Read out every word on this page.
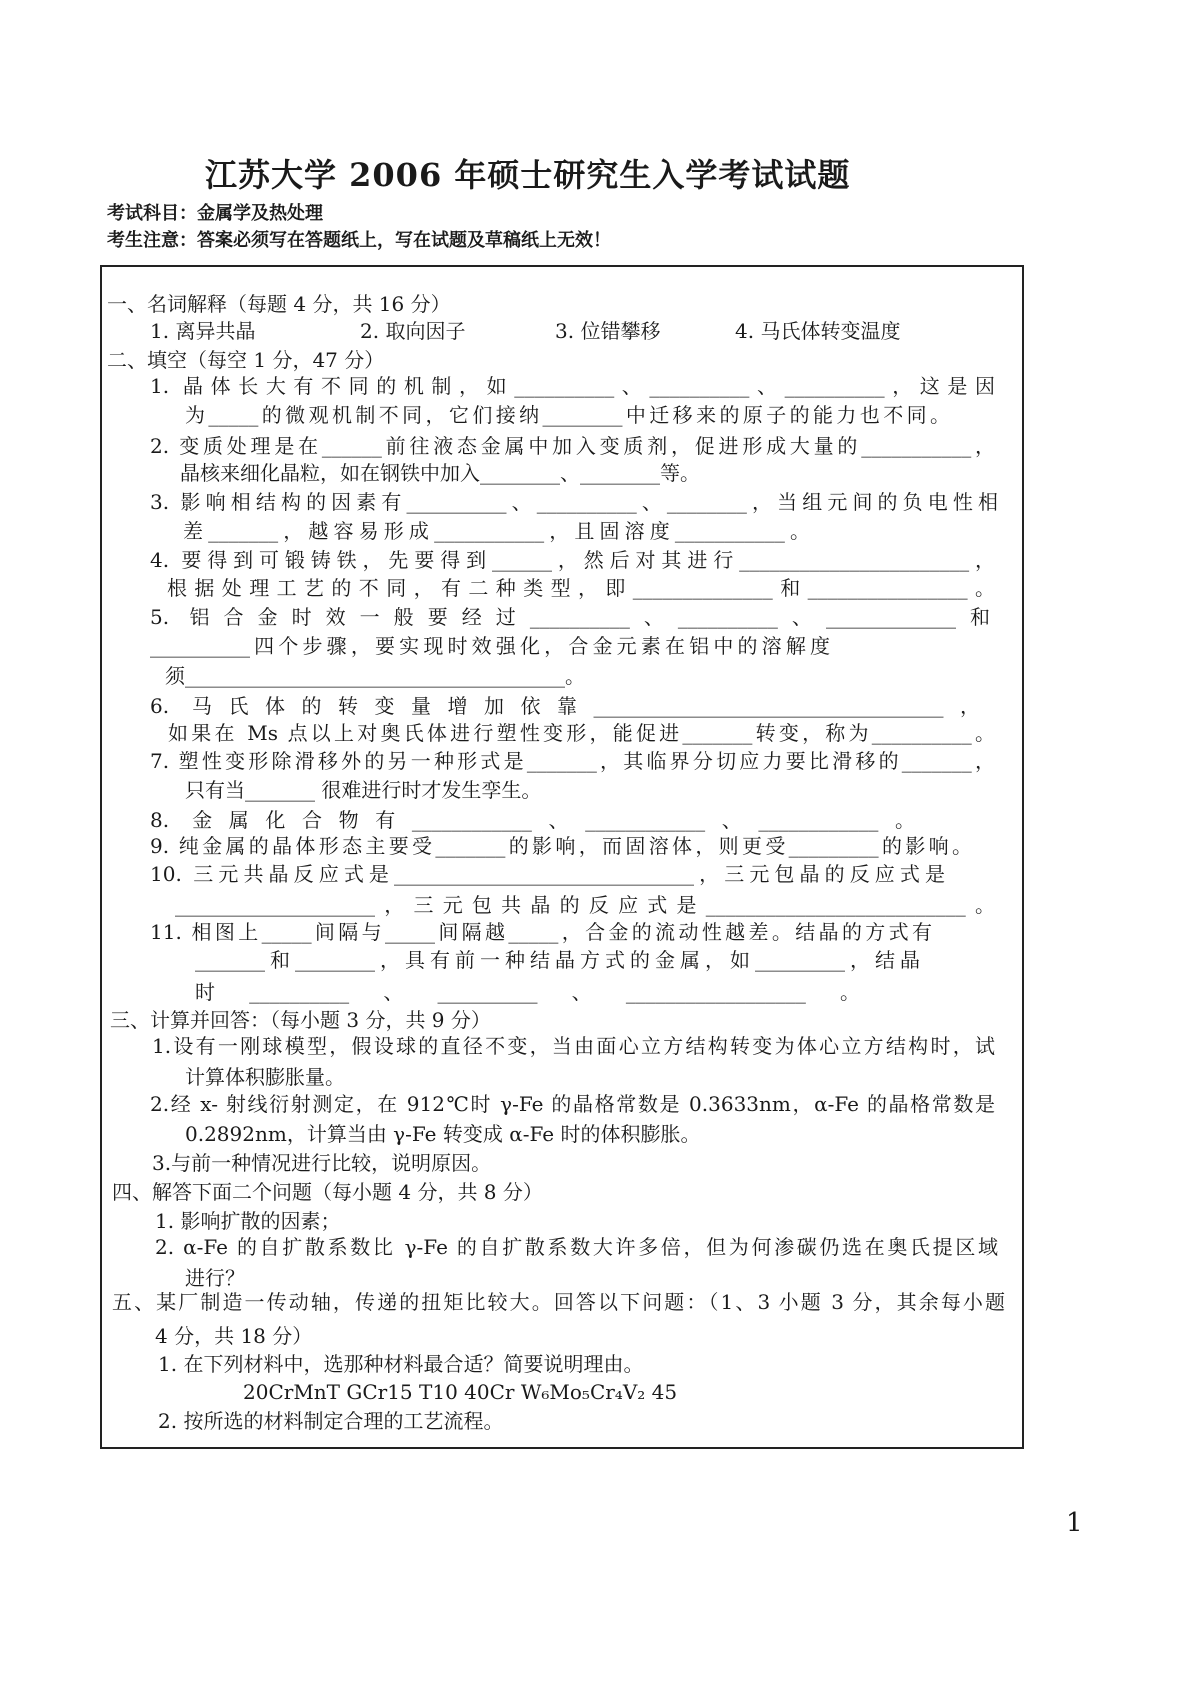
江苏大学 2006 年硕士研究生入学考试试题
考试科目：金属学及热处理
考生注意：答案必须写在答题纸上，写在试题及草稿纸上无效！
一、名词解释（每题 4 分，共 16 分）
1. 离异共晶	2. 取向因子	3. 位错攀移	4. 马氏体转变温度
二、填空（每空 1 分，47 分）
1. 晶体长大有不同的机制，如__________、__________、__________，这是因
为_____的微观机制不同，它们接纳________中迁移来的原子的能力也不同。
2. 变质处理是在______前往液态金属中加入变质剂，促进形成大量的___________，
晶核来细化晶粒，如在钢铁中加入________、________等。
3. 影响相结构的因素有__________、__________、________，当组元间的负电性相
差_______，越容易形成___________，且固溶度___________。
4. 要得到可锻铸铁，先要得到______，然后对其进行_______________________，
根据处理工艺的不同，有二种类型，即______________和________________。
5. 铝合金时效一般要经过__________、__________、_____________和
__________四个步骤，要实现时效强化，合金元素在铝中的溶解度
须______________________________________。
6. 马氏体的转变量增加依靠___________________________________，
如果在 Ms 点以上对奥氏体进行塑性变形，能促进_______转变，称为__________。
7. 塑性变形除滑移外的另一种形式是_______，其临界分切应力要比滑移的_______，
只有当_______ 很难进行时才发生孪生。
8. 金属化合物有____________、____________、____________。
9. 纯金属的晶体形态主要受_______的影响，而固溶体，则更受_________的影响。
10. 三元共晶反应式是______________________________，三元包晶的反应式是
____________________，三元包共晶的反应式是__________________________。
11. 相图上_____间隔与_____间隔越_____，合金的流动性越差。结晶的方式有
_______和________，具有前一种结晶方式的金属，如_________，结晶
时__________、__________、__________________。
三、计算并回答：（每小题 3 分，共 9 分）
1.设有一刚球模型，假设球的直径不变，当由面心立方结构转变为体心立方结构时，试
计算体积膨胀量。
2.经 x- 射线衍射测定，在 912℃时 γ-Fe 的晶格常数是 0.3633nm，α-Fe 的晶格常数是
0.2892nm，计算当由 γ-Fe 转变成 α-Fe 时的体积膨胀。
3.与前一种情况进行比较，说明原因。
四、解答下面二个问题（每小题 4 分，共 8 分）
1. 影响扩散的因素；
2. α-Fe 的自扩散系数比 γ-Fe 的自扩散系数大许多倍，但为何渗碳仍选在奥氏提区域
进行？
五、某厂制造一传动轴，传递的扭矩比较大。回答以下问题：（1、3 小题 3 分，其余每小题
4 分，共 18 分）
1. 在下列材料中，选那种材料最合适？简要说明理由。
20CrMnT GCr15 T10 40Cr W₆Mo₅Cr₄V₂ 45
2. 按所选的材料制定合理的工艺流程。
1
